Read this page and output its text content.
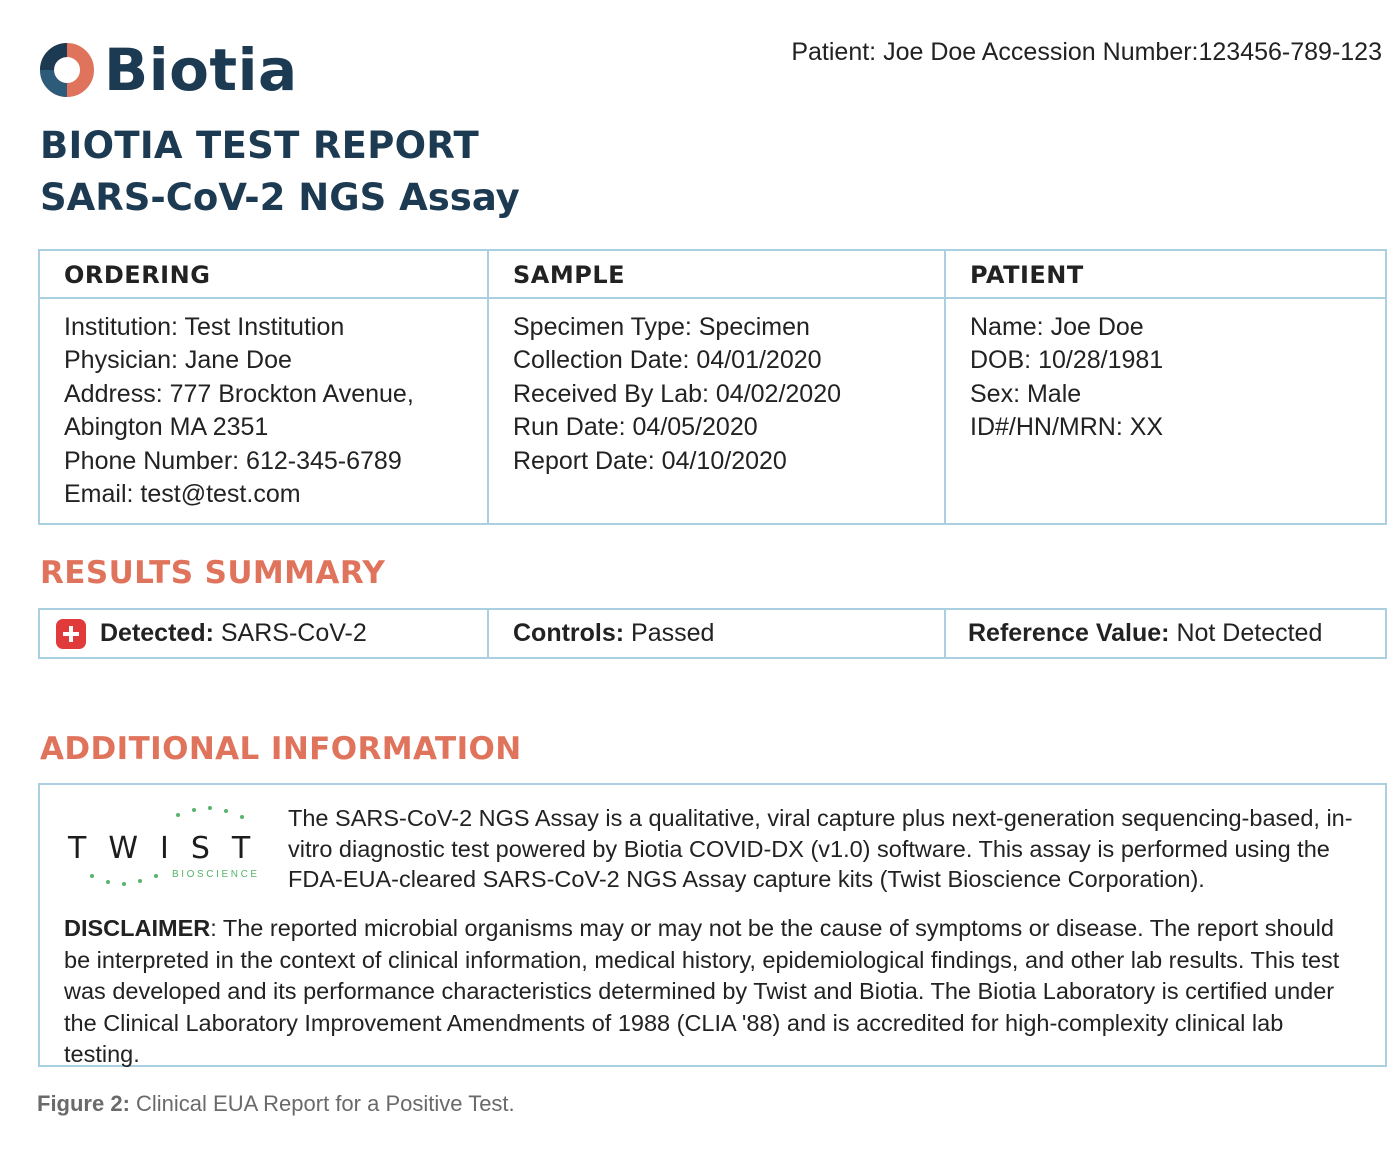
Biotia	Patient: Joe Doe Accession Number:123456-789-123
BIOTIA TEST REPORT
SARS-CoV-2 NGS Assay
ORDERING
Institution: Test Institution
Physician: Jane Doe
Address: 777 Brockton Avenue,
Abington MA 2351
Phone Number: 612-345-6789
Email: test@test.com
SAMPLE
Specimen Type: Specimen
Collection Date: 04/01/2020
Received By Lab: 04/02/2020
Run Date: 04/05/2020
Report Date: 04/10/2020
PATIENT
Name: Joe Doe
DOB: 10/28/1981
Sex: Male
ID#/HN/MRN: XX
RESULTS SUMMARY
Detected: SARS-CoV-2	Controls: Passed	Reference Value: Not Detected
ADDITIONAL INFORMATION
TWIST
BIOSCIENCE
The SARS-CoV-2 NGS Assay is a qualitative, viral capture plus next-generation sequencing-based, in-vitro diagnostic test powered by Biotia COVID-DX (v1.0) software. This assay is performed using the FDA-EUA-cleared SARS-CoV-2 NGS Assay capture kits (Twist Bioscience Corporation).
DISCLAIMER: The reported microbial organisms may or may not be the cause of symptoms or disease. The report should be interpreted in the context of clinical information, medical history, epidemiological findings, and other lab results. This test was developed and its performance characteristics determined by Twist and Biotia. The Biotia Laboratory is certified under the Clinical Laboratory Improvement Amendments of 1988 (CLIA '88) and is accredited for high-complexity clinical lab testing.
Figure 2: Clinical EUA Report for a Positive Test.
